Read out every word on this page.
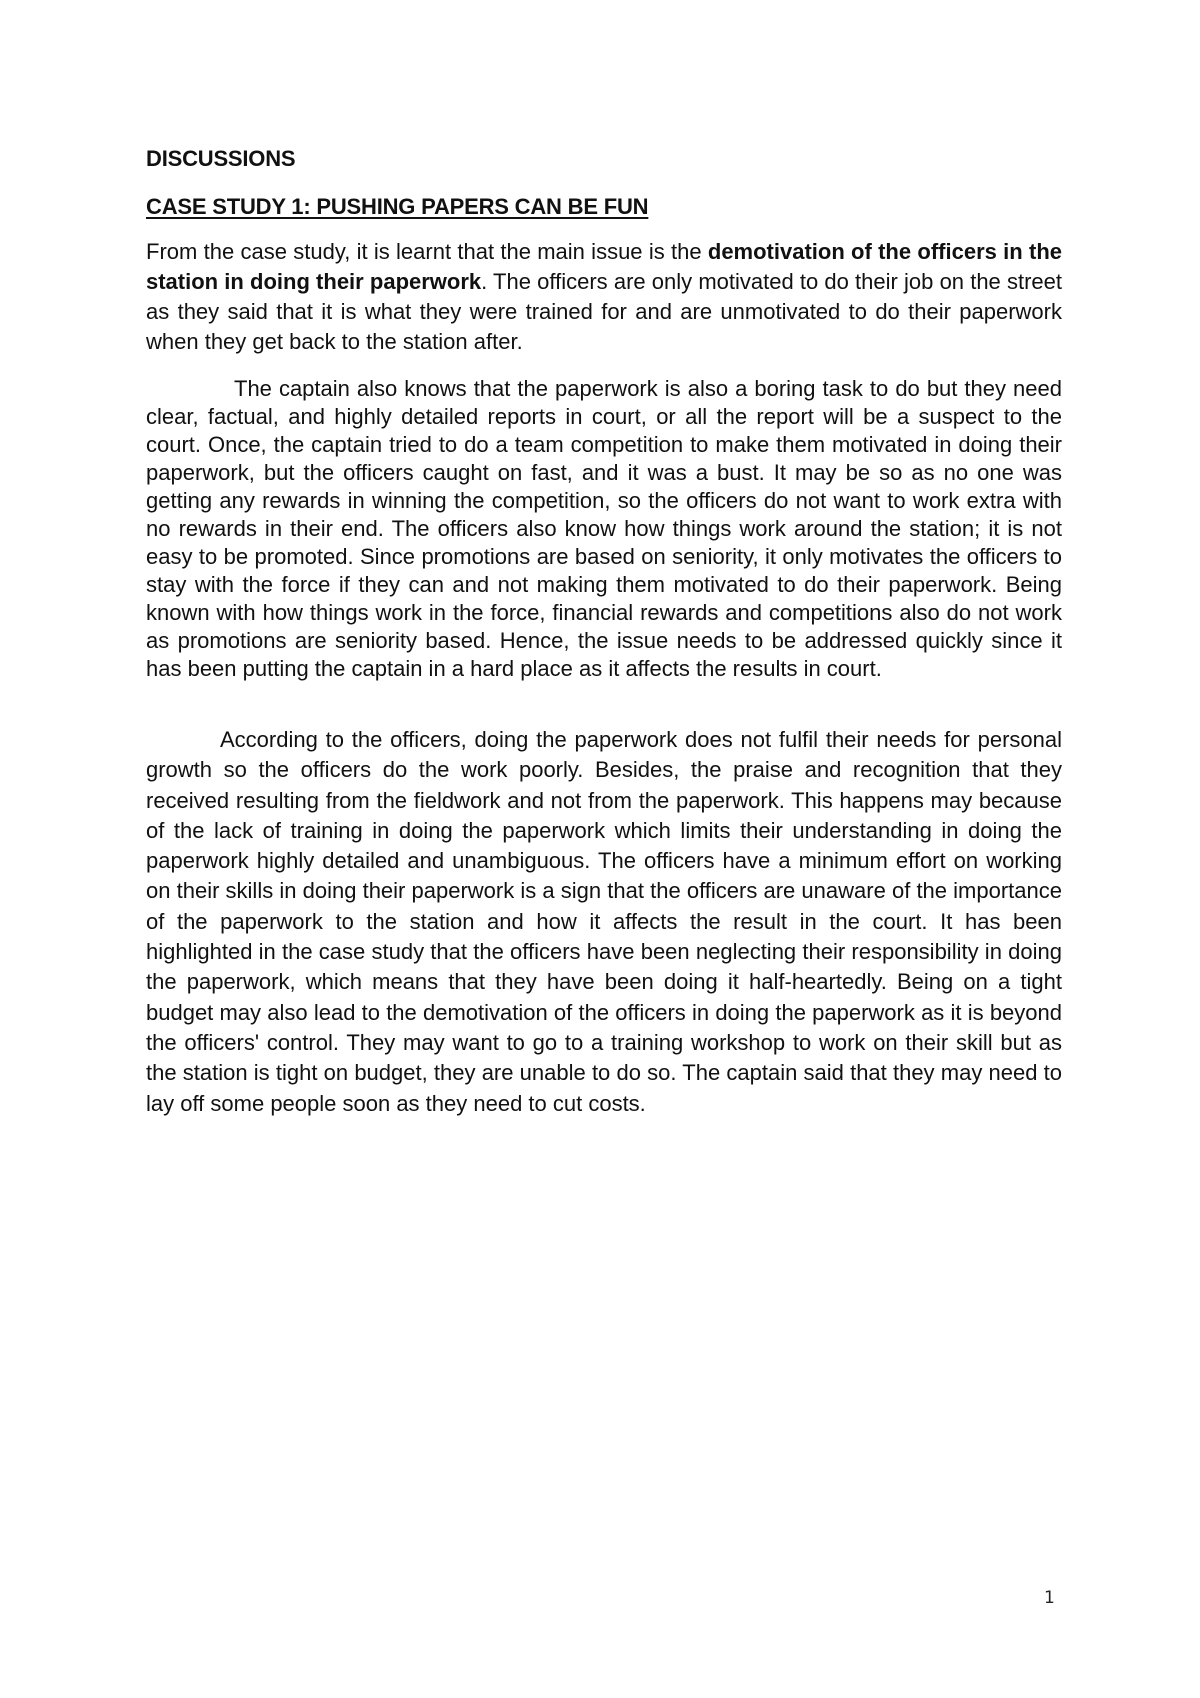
DISCUSSIONS
CASE STUDY 1: PUSHING PAPERS CAN BE FUN

From the case study, it is learnt that the main issue is the demotivation of the officers in the station in doing their paperwork. The officers are only motivated to do their job on the street as they said that it is what they were trained for and are unmotivated to do their paperwork when they get back to the station after.

The captain also knows that the paperwork is also a boring task to do but they need clear, factual, and highly detailed reports in court, or all the report will be a suspect to the court. Once, the captain tried to do a team competition to make them motivated in doing their paperwork, but the officers caught on fast, and it was a bust. It may be so as no one was getting any rewards in winning the competition, so the officers do not want to work extra with no rewards in their end. The officers also know how things work around the station; it is not easy to be promoted. Since promotions are based on seniority, it only motivates the officers to stay with the force if they can and not making them motivated to do their paperwork. Being known with how things work in the force, financial rewards and competitions also do not work as promotions are seniority based. Hence, the issue needs to be addressed quickly since it has been putting the captain in a hard place as it affects the results in court.

According to the officers, doing the paperwork does not fulfil their needs for personal growth so the officers do the work poorly. Besides, the praise and recognition that they received resulting from the fieldwork and not from the paperwork. This happens may because of the lack of training in doing the paperwork which limits their understanding in doing the paperwork highly detailed and unambiguous. The officers have a minimum effort on working on their skills in doing their paperwork is a sign that the officers are unaware of the importance of the paperwork to the station and how it affects the result in the court. It has been highlighted in the case study that the officers have been neglecting their responsibility in doing the paperwork, which means that they have been doing it half-heartedly. Being on a tight budget may also lead to the demotivation of the officers in doing the paperwork as it is beyond the officers' control. They may want to go to a training workshop to work on their skill but as the station is tight on budget, they are unable to do so. The captain said that they may need to lay off some people soon as they need to cut costs.

1
